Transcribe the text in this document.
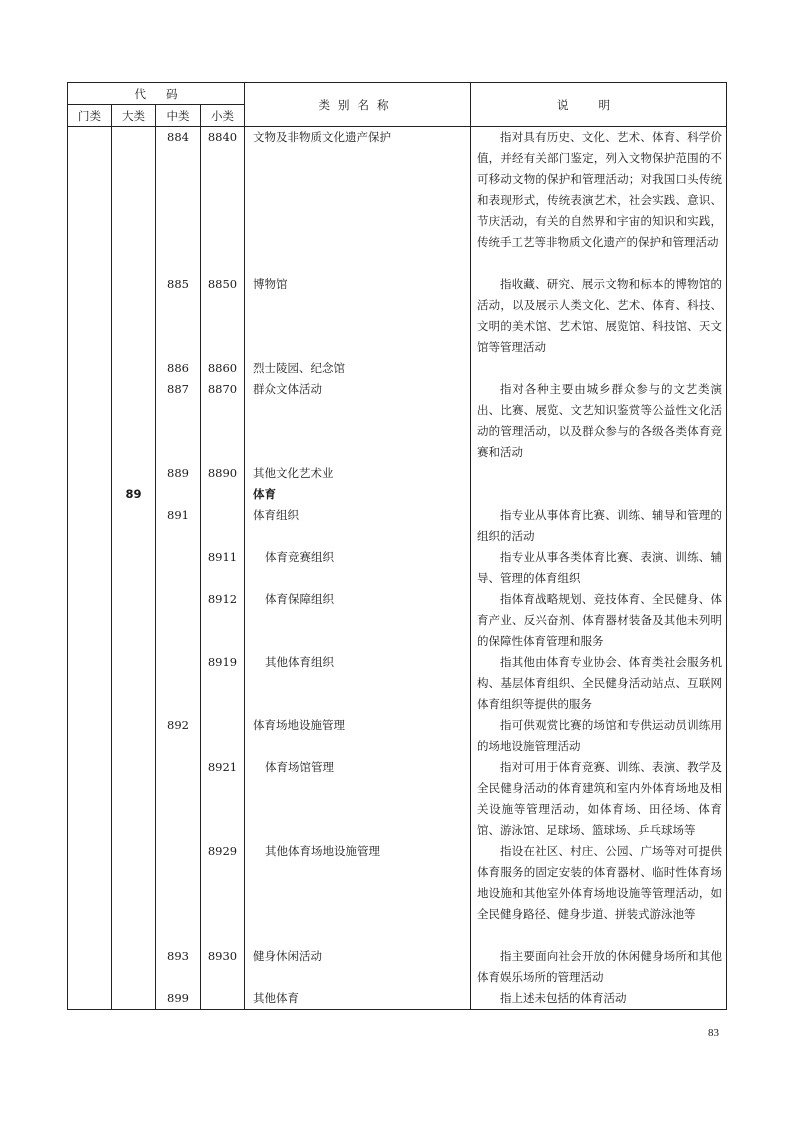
代码				类别名称	说明
门类	大类	中类	小类		
		884	8840	文物及非物质文化遗产保护	指对具有历史、文化、艺术、体育、科学价值，并经有关部门鉴定，列入文物保护范围的不可移动文物的保护和管理活动；对我国口头传统和表现形式，传统表演艺术，社会实践、意识、节庆活动，有关的自然界和宇宙的知识和实践，传统手工艺等非物质文化遗产的保护和管理活动

		885	8850	博物馆	指收藏、研究、展示文物和标本的博物馆的活动，以及展示人类文化、艺术、体育、科技、文明的美术馆、艺术馆、展览馆、科技馆、天文馆等管理活动

		886	8860	烈士陵园、纪念馆	

		887	8870	群众文体活动	指对各种主要由城乡群众参与的文艺类演出、比赛、展览、文艺知识鉴赏等公益性文化活动的管理活动，以及群众参与的各级各类体育竞赛和活动

		889	8890	其他文化艺术业	

	89			体育	

		891		体育组织	指专业从事体育比赛、训练、辅导和管理的组织的活动

			8911	体育竞赛组织	指专业从事各类体育比赛、表演、训练、辅导、管理的体育组织

			8912	体育保障组织	指体育战略规划、竞技体育、全民健身、体育产业、反兴奋剂、体育器材装备及其他未列明的保障性体育管理和服务

			8919	其他体育组织	指其他由体育专业协会、体育类社会服务机构、基层体育组织、全民健身活动站点、互联网体育组织等提供的服务

		892		体育场地设施管理	指可供观赏比赛的场馆和专供运动员训练用的场地设施管理活动

			8921	体育场馆管理	指对可用于体育竞赛、训练、表演、教学及全民健身活动的体育建筑和室内外体育场地及相关设施等管理活动，如体育场、田径场、体育馆、游泳馆、足球场、篮球场、乒乓球场等

			8929	其他体育场地设施管理	指设在社区、村庄、公园、广场等对可提供体育服务的固定安装的体育器材、临时性体育场地设施和其他室外体育场地设施等管理活动，如全民健身路径、健身步道、拼装式游泳池等

		893	8930	健身休闲活动	指主要面向社会开放的休闲健身场所和其他体育娱乐场所的管理活动

		899		其他体育	指上述未包括的体育活动
83
